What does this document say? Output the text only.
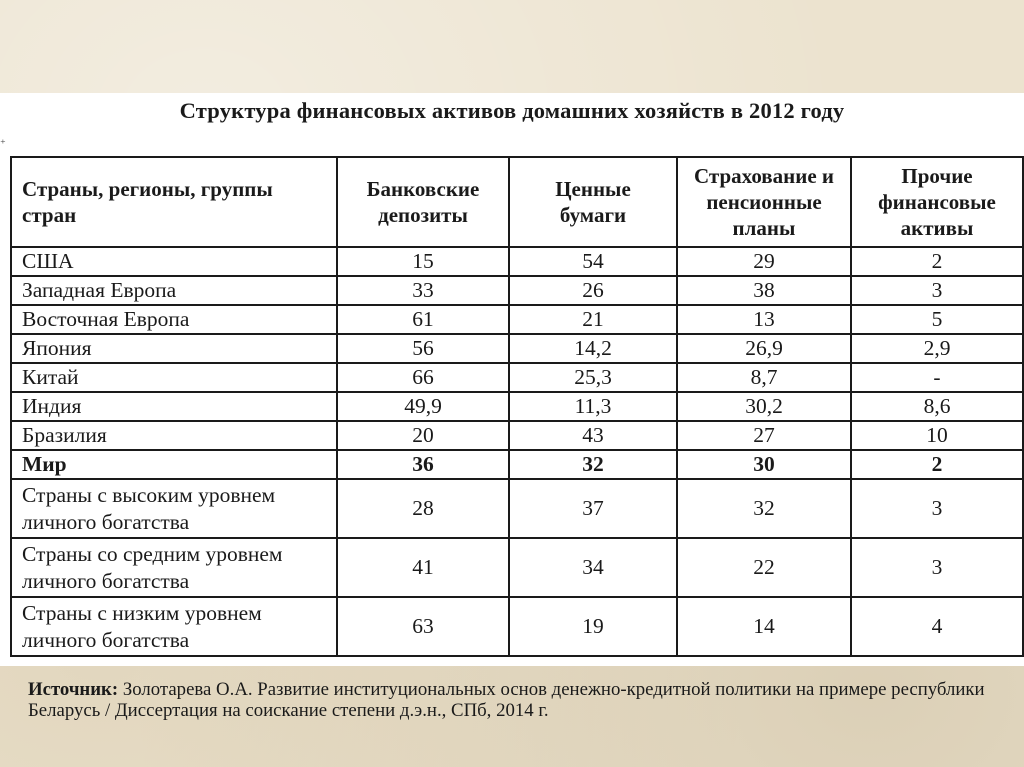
Структура финансовых активов домашних хозяйств в 2012 году
⁺
Страны, регионы, группы стран	Банковские депозиты	Ценные бумаги	Страхование и пенсионные планы	Прочие финансовые активы
США	15	54	29	2
Западная Европа	33	26	38	3
Восточная Европа	61	21	13	5
Япония	56	14,2	26,9	2,9
Китай	66	25,3	8,7	-
Индия	49,9	11,3	30,2	8,6
Бразилия	20	43	27	10
Мир	36	32	30	2
Страны с высоким уровнем личного богатства	28	37	32	3
Страны со средним уровнем личного богатства	41	34	22	3
Страны с низким уровнем личного богатства	63	19	14	4
Источник: Золотарева О.А. Развитие институциональных основ денежно-кредитной политики на примере республики Беларусь / Диссертация на соискание степени д.э.н., СПб, 2014 г.
